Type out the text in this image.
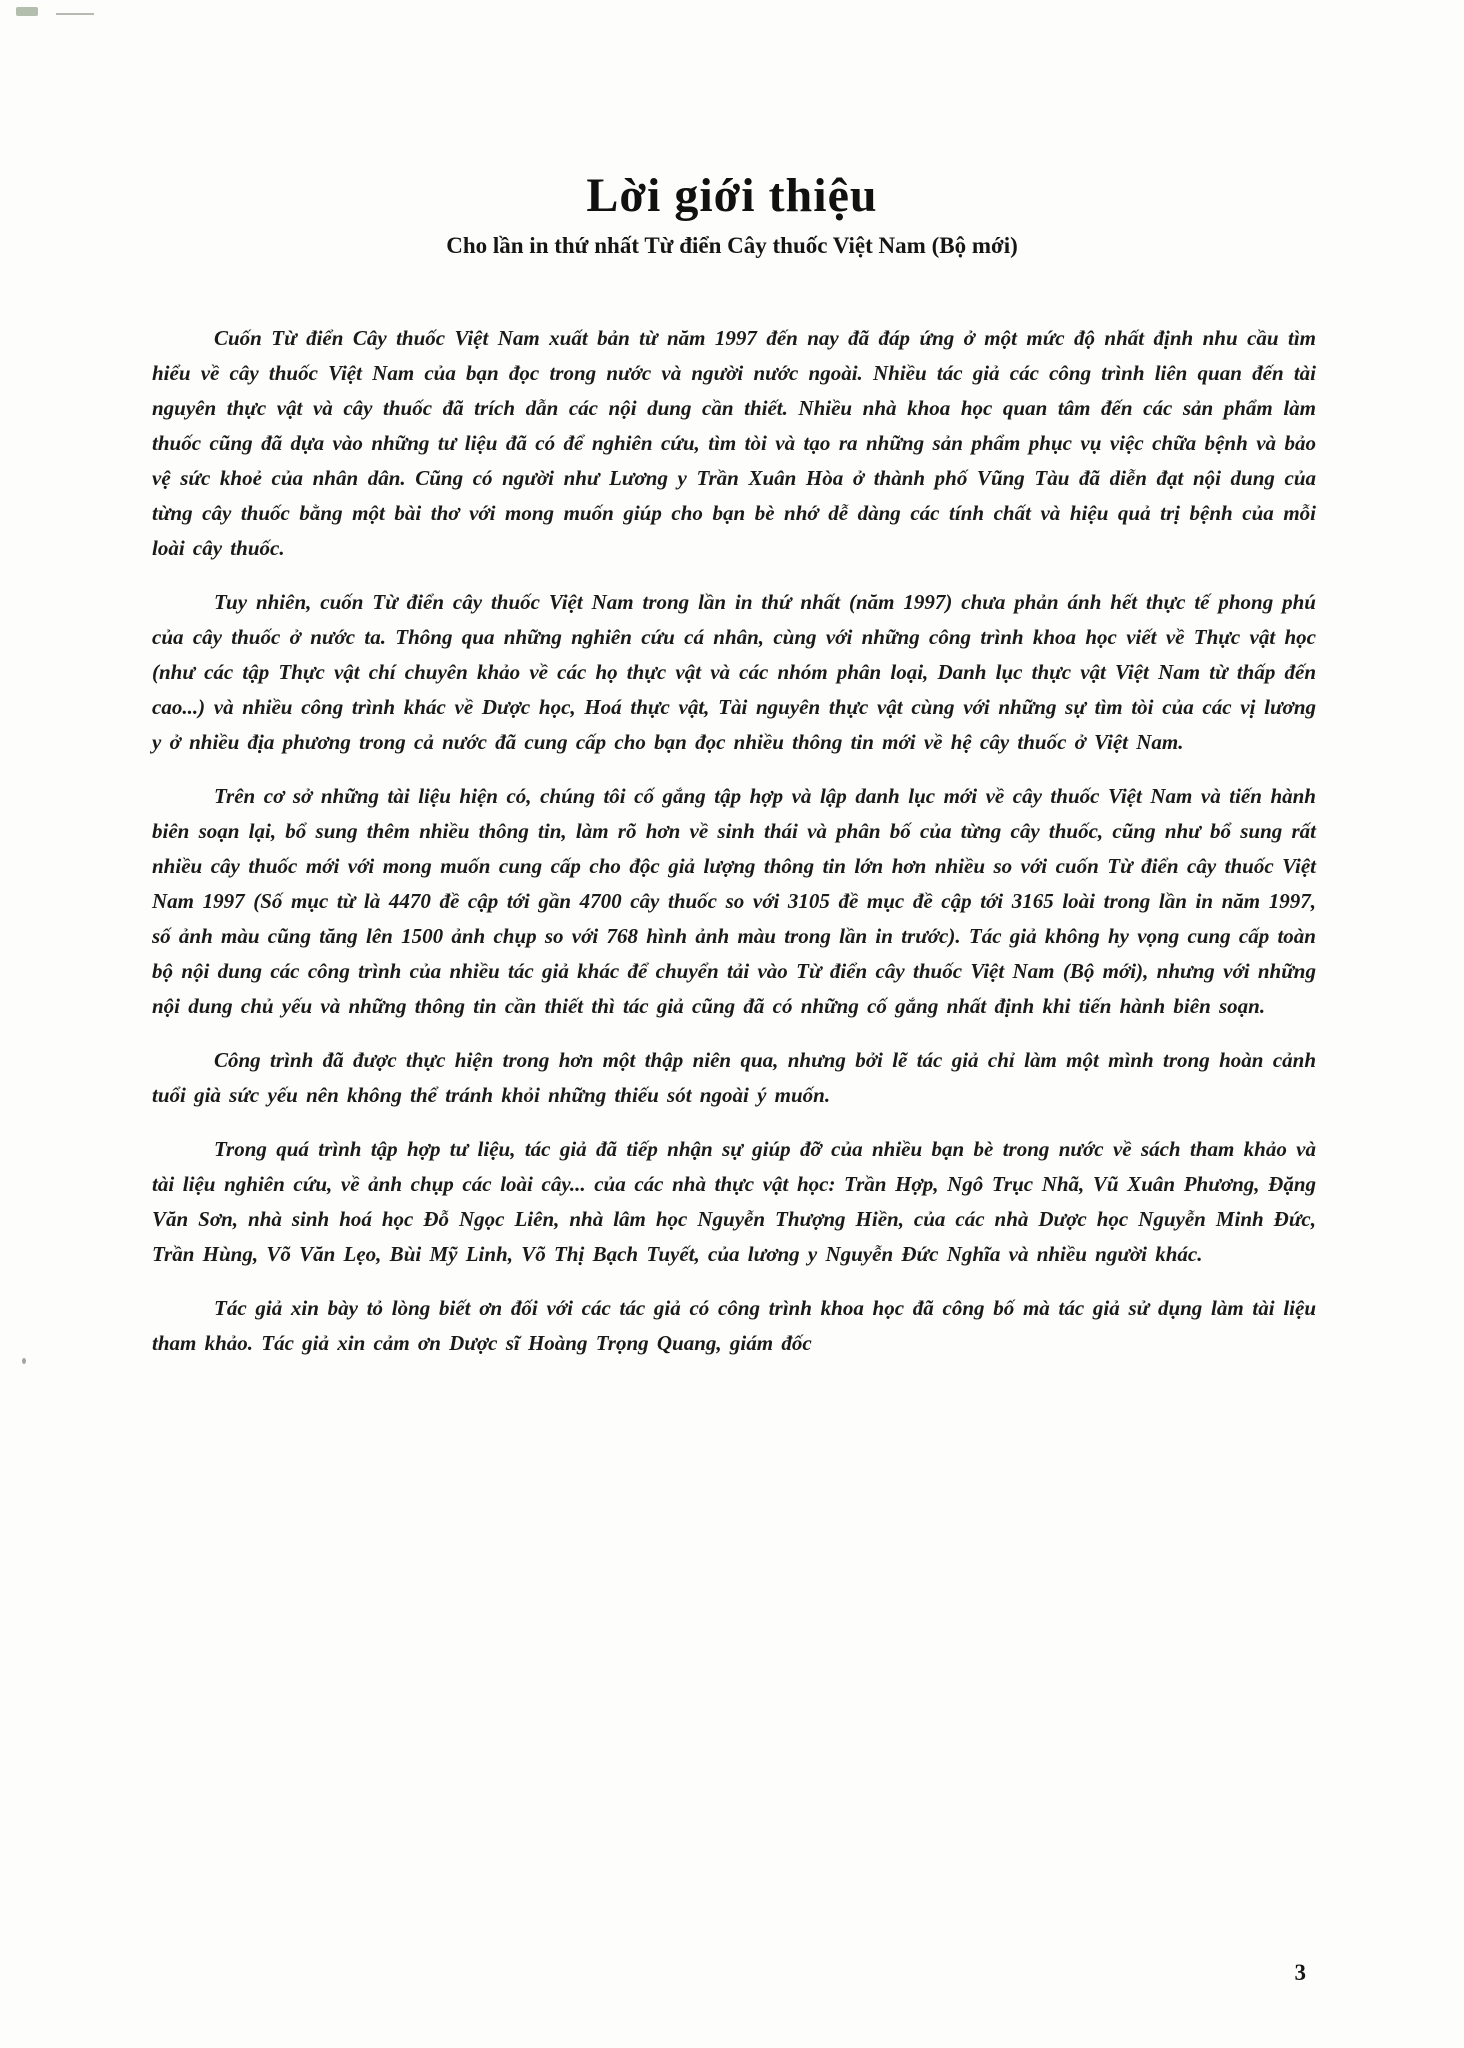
Lời giới thiệu
Cho lần in thứ nhất Từ điển Cây thuốc Việt Nam (Bộ mới)

Cuốn Từ điển Cây thuốc Việt Nam xuất bản từ năm 1997 đến nay đã đáp ứng ở một mức độ nhất định nhu cầu tìm hiểu về cây thuốc Việt Nam của bạn đọc trong nước và người nước ngoài. Nhiều tác giả các công trình liên quan đến tài nguyên thực vật và cây thuốc đã trích dẫn các nội dung cần thiết. Nhiều nhà khoa học quan tâm đến các sản phẩm làm thuốc cũng đã dựa vào những tư liệu đã có để nghiên cứu, tìm tòi và tạo ra những sản phẩm phục vụ việc chữa bệnh và bảo vệ sức khoẻ của nhân dân. Cũng có người như Lương y Trần Xuân Hòa ở thành phố Vũng Tàu đã diễn đạt nội dung của từng cây thuốc bằng một bài thơ với mong muốn giúp cho bạn bè nhớ dễ dàng các tính chất và hiệu quả trị bệnh của mỗi loài cây thuốc.

Tuy nhiên, cuốn Từ điển cây thuốc Việt Nam trong lần in thứ nhất (năm 1997) chưa phản ánh hết thực tế phong phú của cây thuốc ở nước ta. Thông qua những nghiên cứu cá nhân, cùng với những công trình khoa học viết về Thực vật học (như các tập Thực vật chí chuyên khảo về các họ thực vật và các nhóm phân loại, Danh lục thực vật Việt Nam từ thấp đến cao...) và nhiều công trình khác về Dược học, Hoá thực vật, Tài nguyên thực vật cùng với những sự tìm tòi của các vị lương y ở nhiều địa phương trong cả nước đã cung cấp cho bạn đọc nhiều thông tin mới về hệ cây thuốc ở Việt Nam.

Trên cơ sở những tài liệu hiện có, chúng tôi cố gắng tập hợp và lập danh lục mới về cây thuốc Việt Nam và tiến hành biên soạn lại, bổ sung thêm nhiều thông tin, làm rõ hơn về sinh thái và phân bố của từng cây thuốc, cũng như bổ sung rất nhiều cây thuốc mới với mong muốn cung cấp cho độc giả lượng thông tin lớn hơn nhiều so với cuốn Từ điển cây thuốc Việt Nam 1997 (Số mục từ là 4470 đề cập tới gần 4700 cây thuốc so với 3105 đề mục đề cập tới 3165 loài trong lần in năm 1997, số ảnh màu cũng tăng lên 1500 ảnh chụp so với 768 hình ảnh màu trong lần in trước). Tác giả không hy vọng cung cấp toàn bộ nội dung các công trình của nhiều tác giả khác để chuyển tải vào Từ điển cây thuốc Việt Nam (Bộ mới), nhưng với những nội dung chủ yếu và những thông tin cần thiết thì tác giả cũng đã có những cố gắng nhất định khi tiến hành biên soạn.

Công trình đã được thực hiện trong hơn một thập niên qua, nhưng bởi lẽ tác giả chỉ làm một mình trong hoàn cảnh tuổi già sức yếu nên không thể tránh khỏi những thiếu sót ngoài ý muốn.

Trong quá trình tập hợp tư liệu, tác giả đã tiếp nhận sự giúp đỡ của nhiều bạn bè trong nước về sách tham khảo và tài liệu nghiên cứu, về ảnh chụp các loài cây... của các nhà thực vật học: Trần Hợp, Ngô Trục Nhã, Vũ Xuân Phương, Đặng Văn Sơn, nhà sinh hoá học Đỗ Ngọc Liên, nhà lâm học Nguyễn Thượng Hiền, của các nhà Dược học Nguyễn Minh Đức, Trần Hùng, Võ Văn Lẹo, Bùi Mỹ Linh, Võ Thị Bạch Tuyết, của lương y Nguyễn Đức Nghĩa và nhiều người khác.

Tác giả xin bày tỏ lòng biết ơn đối với các tác giả có công trình khoa học đã công bố mà tác giả sử dụng làm tài liệu tham khảo. Tác giả xin cảm ơn Dược sĩ Hoàng Trọng Quang, giám đốc

3
